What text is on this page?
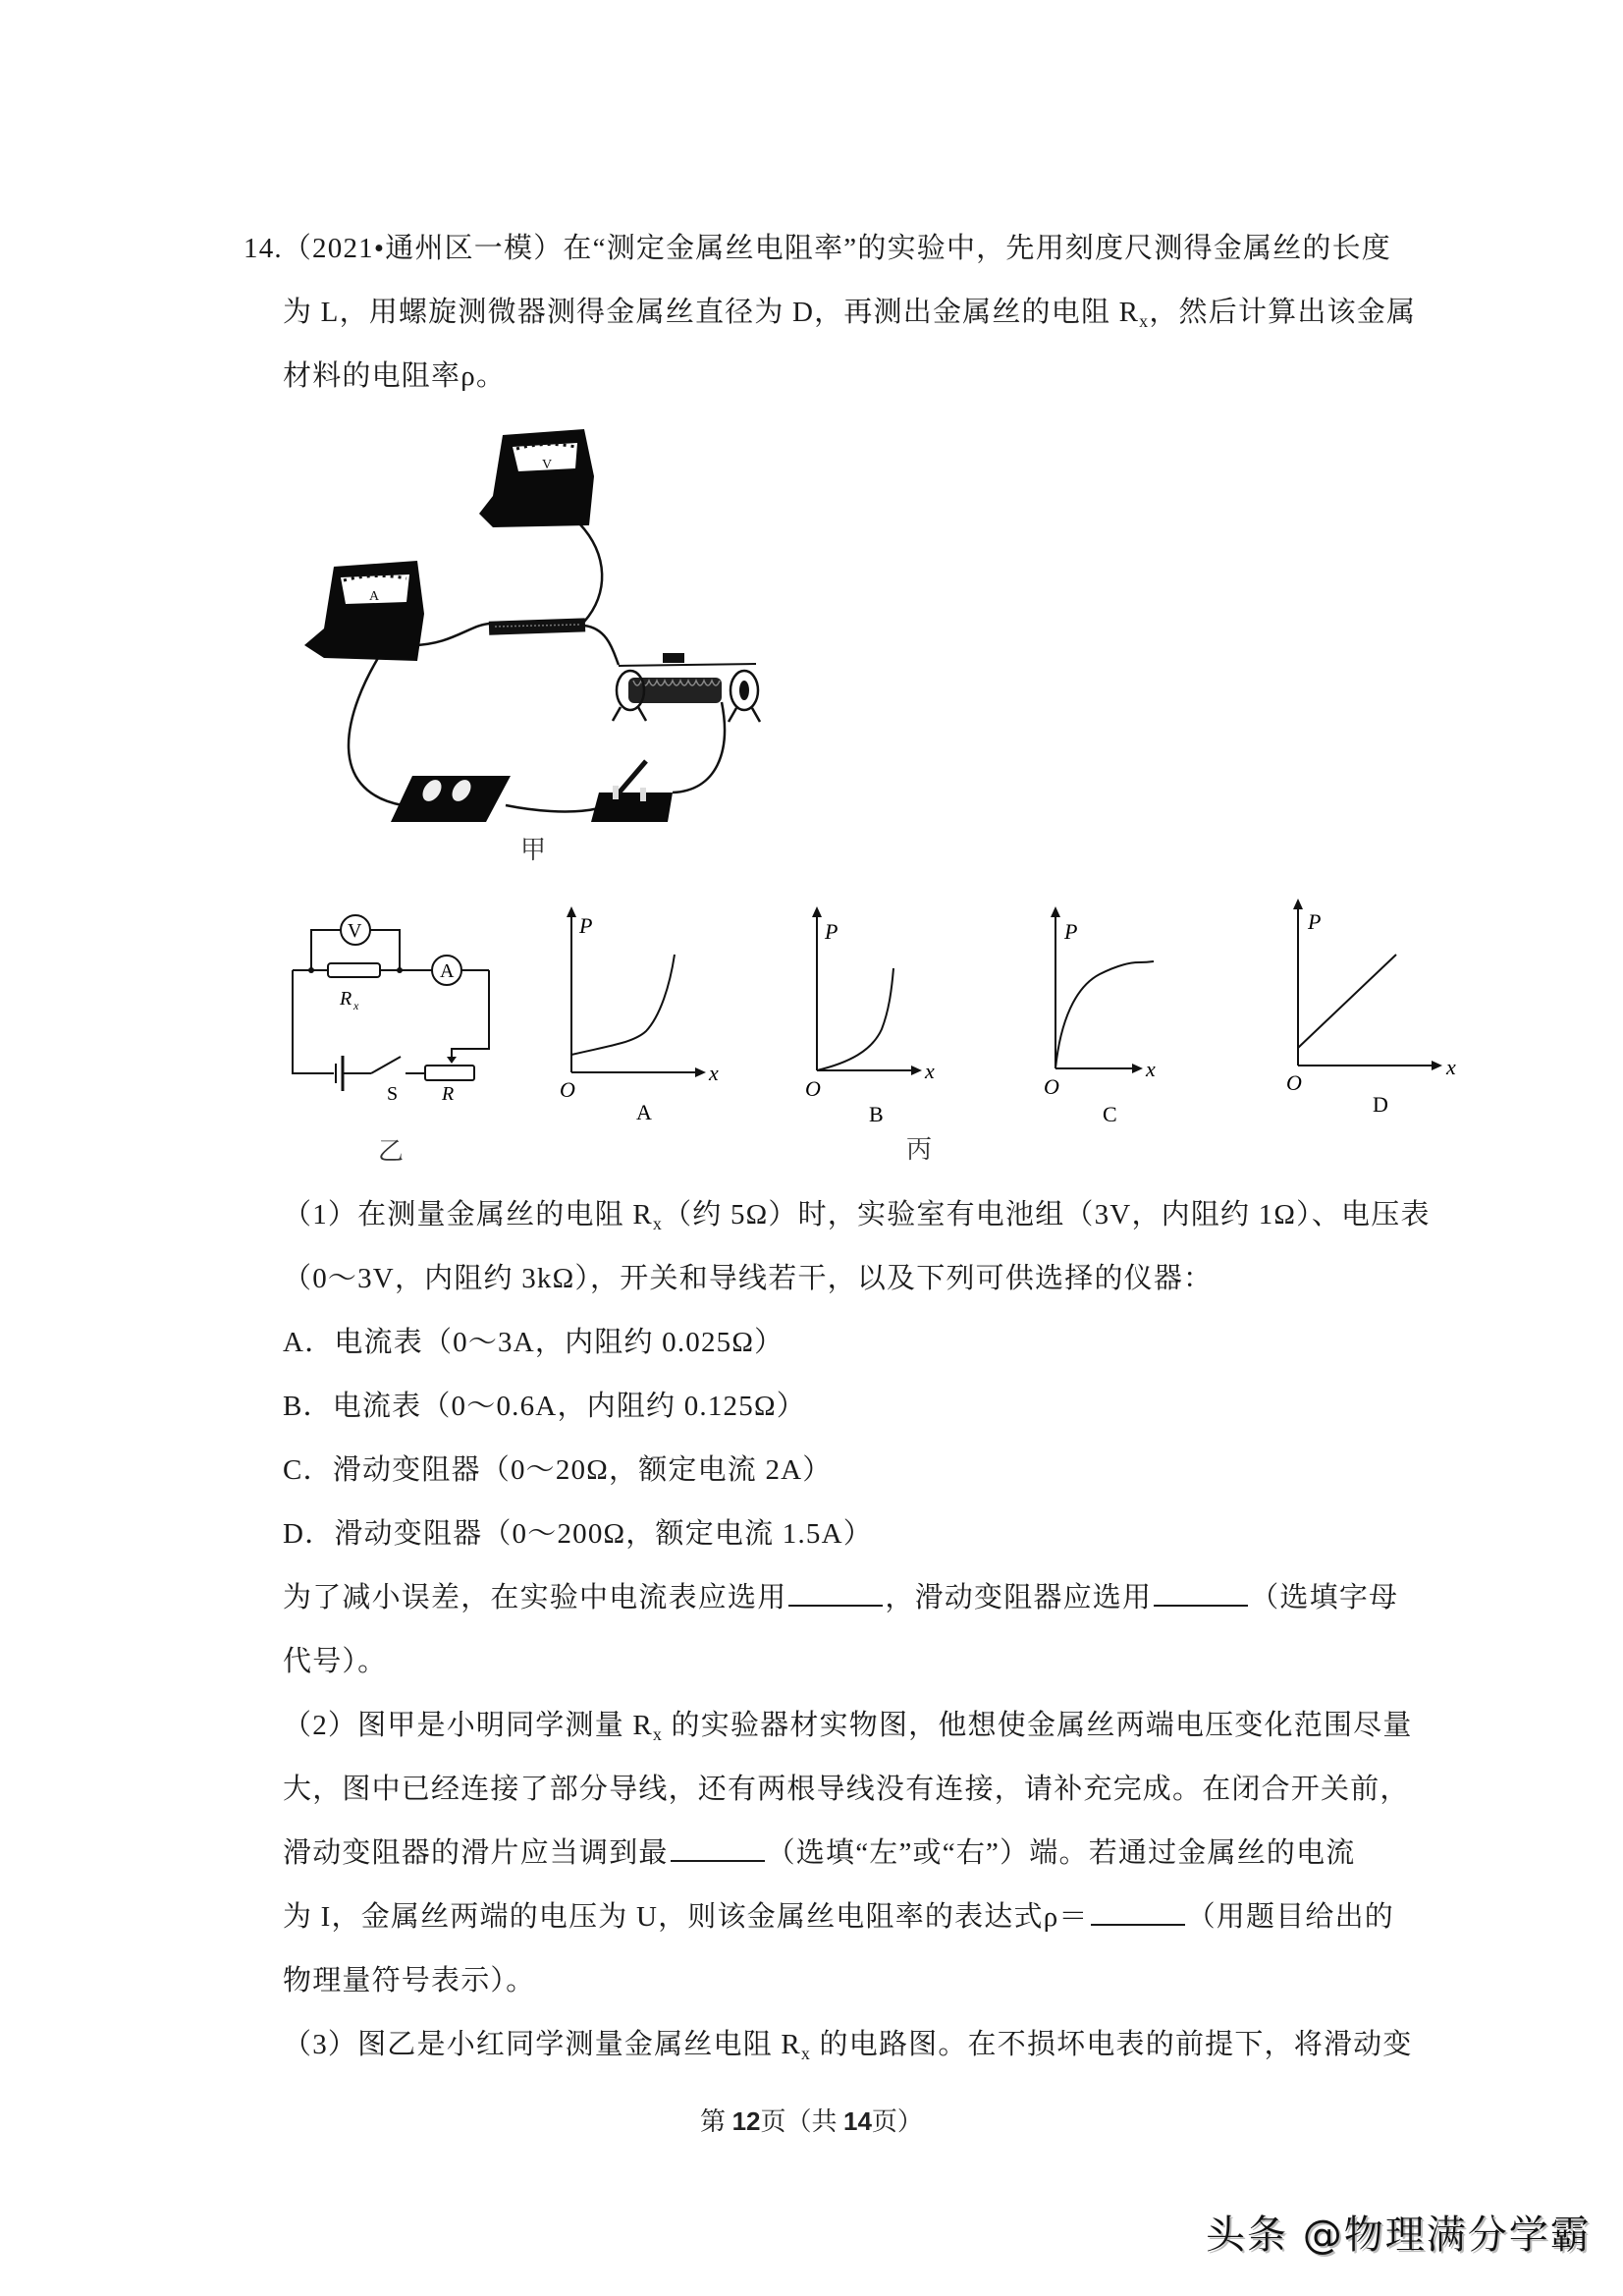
14.（2021•通州区一模）在“测定金属丝电阻率”的实验中，先用刻度尺测得金属丝的长度
为 L，用螺旋测微器测得金属丝直径为 D，再测出金属丝的电阻 $R_x$，然后计算出该金属
材料的电阻率ρ。
V
A
甲
V
A
R x
S R
乙
P
x
O
A
P
x
O
B
丙
P
x
O
C
P
x
O
D
（1）在测量金属丝的电阻 $R_x$（约 5Ω）时，实验室有电池组（3V，内阻约 1Ω）、电压表
（0～3V，内阻约 3kΩ），开关和导线若干，以及下列可供选择的仪器：
A．电流表（0～3A，内阻约 0.025Ω）
B．电流表（0～0.6A，内阻约 0.125Ω）
C．滑动变阻器（0～20Ω，额定电流 2A）
D．滑动变阻器（0～200Ω，额定电流 1.5A）
为了减小误差，在实验中电流表应选用	，滑动变阻器应选用	（选填字母
代号）。
（2）图甲是小明同学测量 $R_x$ 的实验器材实物图，他想使金属丝两端电压变化范围尽量
大，图中已经连接了部分导线，还有两根导线没有连接，请补充完成。在闭合开关前，
滑动变阻器的滑片应当调到最	（选填“左”或“右”）端。若通过金属丝的电流
为 I，金属丝两端的电压为 U，则该金属丝电阻率的表达式ρ＝	（用题目给出的
物理量符号表示）。
（3）图乙是小红同学测量金属丝电阻 $R_x$ 的电路图。在不损坏电表的前提下，将滑动变
第 12页（共 14页）
头条 @物理满分学霸
